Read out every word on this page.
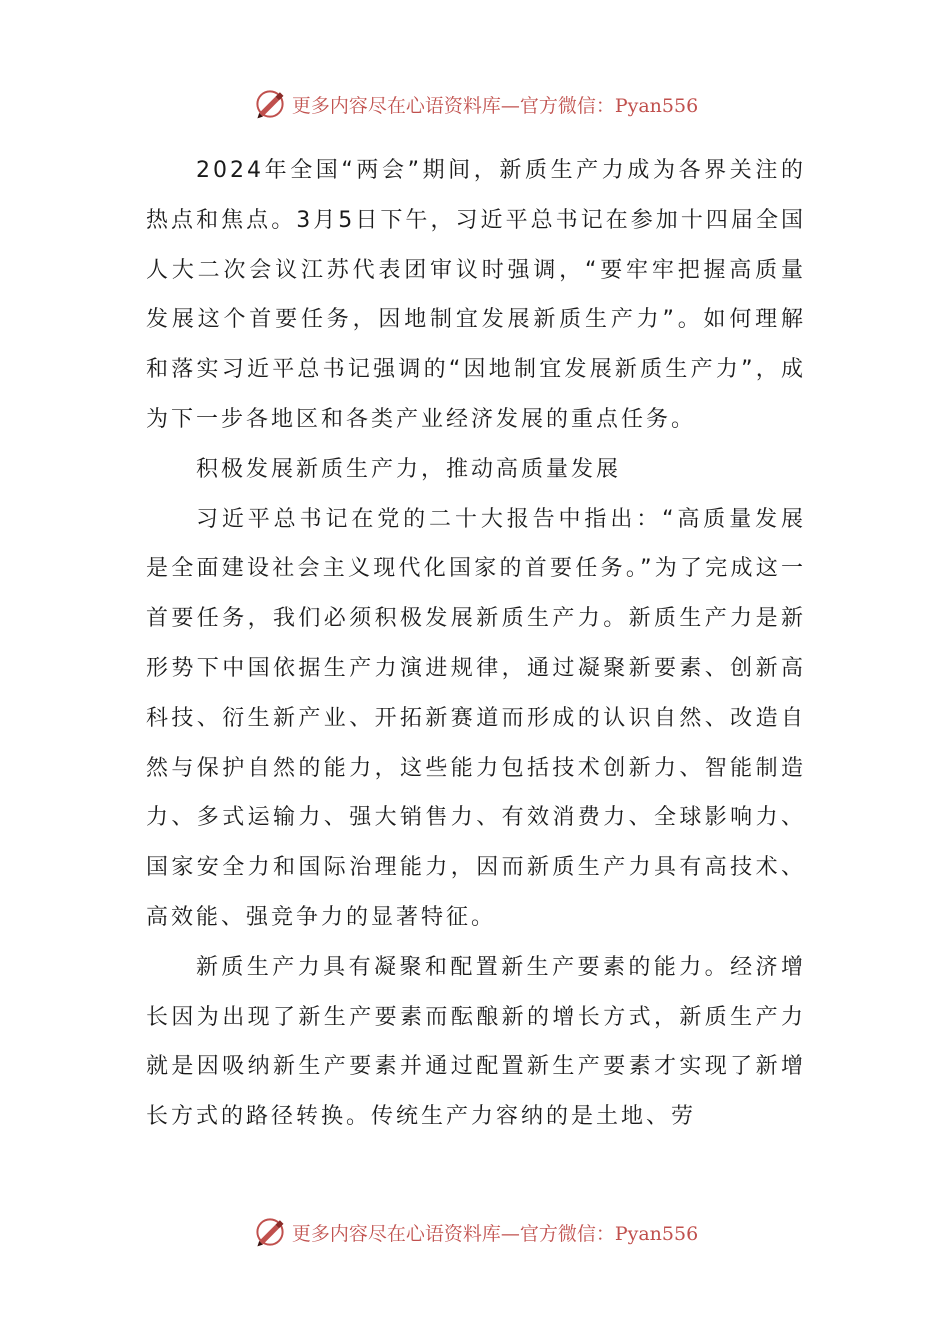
更多内容尽在心语资料库—官方微信：Pyan556

2024年全国“两会”期间，新质生产力成为各界关注的热点和焦点。3月5日下午，习近平总书记在参加十四届全国人大二次会议江苏代表团审议时强调，“要牢牢把握高质量发展这个首要任务，因地制宜发展新质生产力”。如何理解和落实习近平总书记强调的“因地制宜发展新质生产力”，成为下一步各地区和各类产业经济发展的重点任务。

积极发展新质生产力，推动高质量发展

习近平总书记在党的二十大报告中指出：“高质量发展是全面建设社会主义现代化国家的首要任务。”为了完成这一首要任务，我们必须积极发展新质生产力。新质生产力是新形势下中国依据生产力演进规律，通过凝聚新要素、创新高科技、衍生新产业、开拓新赛道而形成的认识自然、改造自然与保护自然的能力，这些能力包括技术创新力、智能制造力、多式运输力、强大销售力、有效消费力、全球影响力、国家安全力和国际治理能力，因而新质生产力具有高技术、高效能、强竞争力的显著特征。

新质生产力具有凝聚和配置新生产要素的能力。经济增长因为出现了新生产要素而酝酿新的增长方式，新质生产力就是因吸纳新生产要素并通过配置新生产要素才实现了新增长方式的路径转换。传统生产力容纳的是土地、劳

更多内容尽在心语资料库—官方微信：Pyan556
